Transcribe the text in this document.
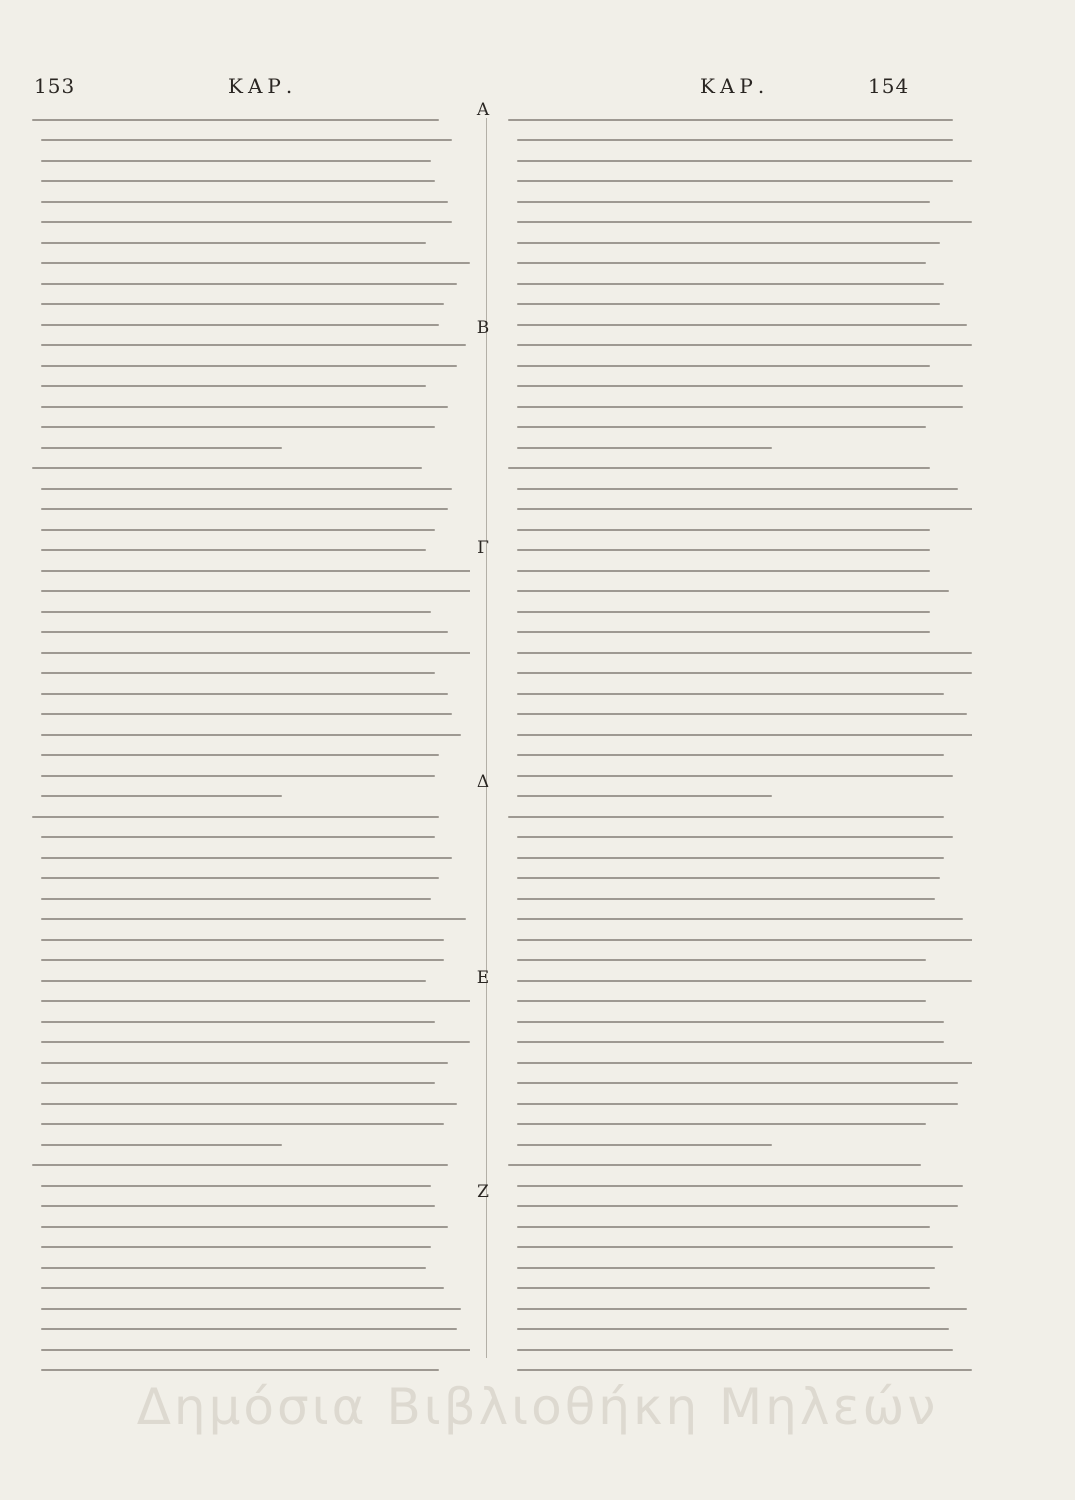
153	ΚΑΡ.	ΚΑΡ.	154
Α
Β
Γ
Δ
Ε
Ζ
Δημόσια Βιβλιοθήκη Μηλεών
